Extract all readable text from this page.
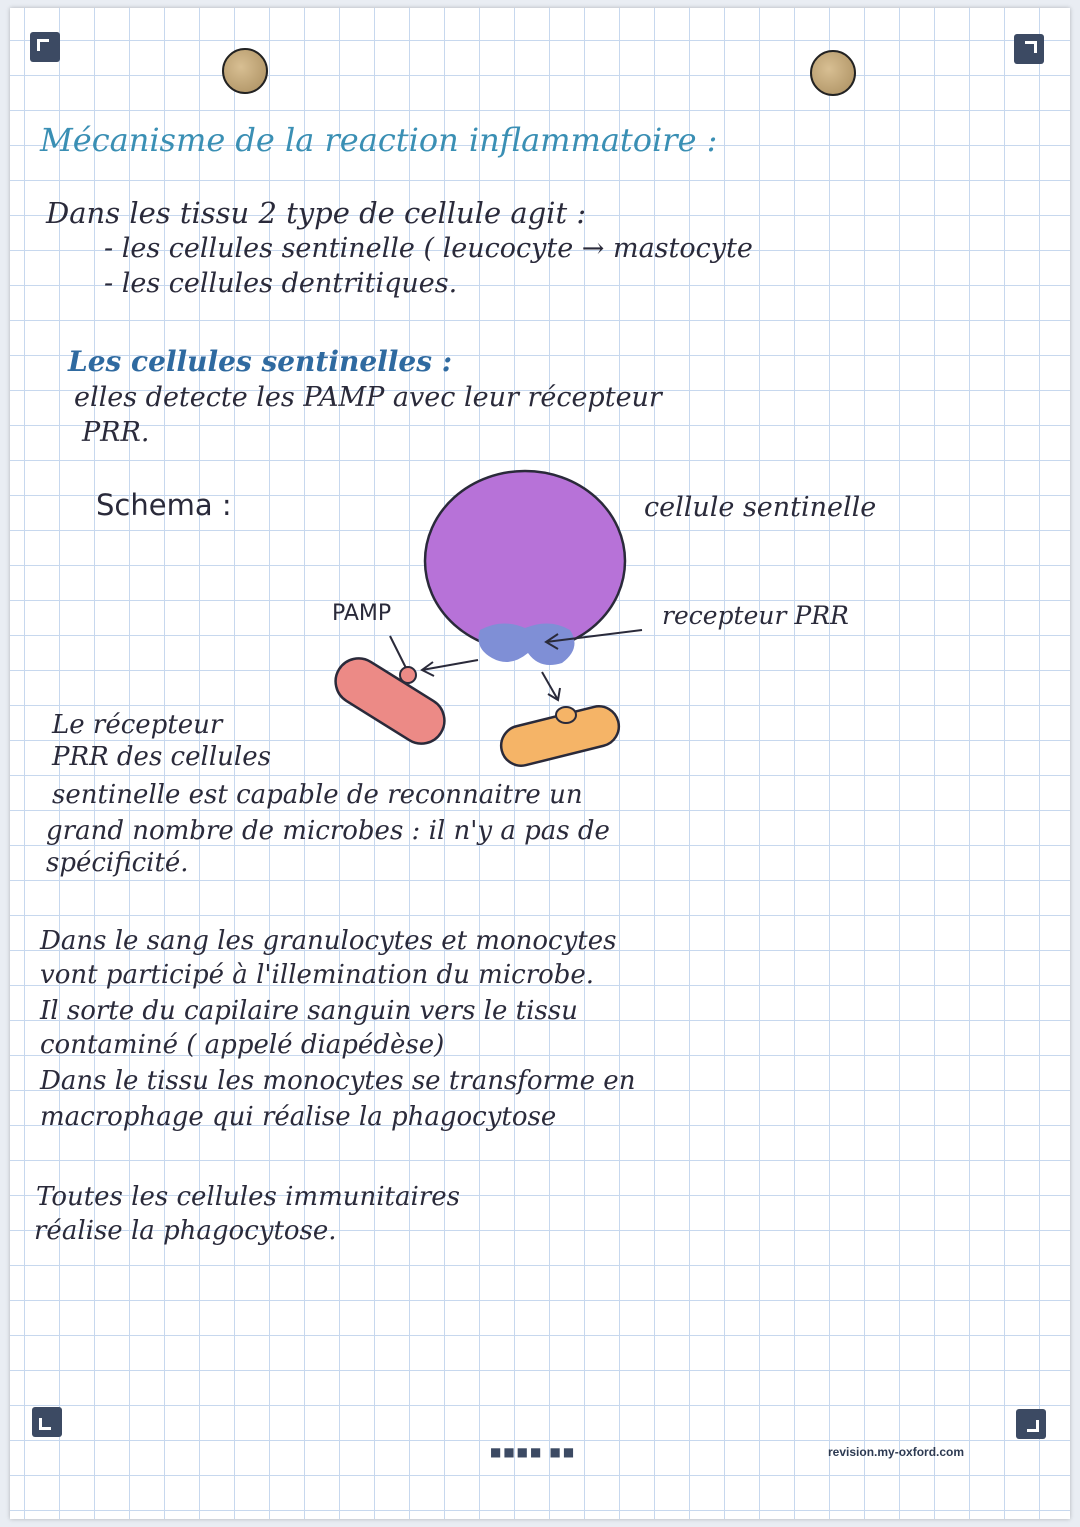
Mécanisme de la reaction inflammatoire :

Dans les tissu 2 type de cellule agit :

- les cellules sentinelle ( leucocyte → mastocyte

- les cellules dentritiques.

Les cellules sentinelles :

elles detecte les PAMP avec leur récepteur

PRR.

Schema :	cellule sentinelle

PAMP	recepteur PRR

Le récepteur

PRR des cellules

sentinelle est capable de reconnaitre un

grand nombre de microbes : il n'y a pas de

spécificité.

Dans le sang les granulocytes et monocytes

vont participé à l'illemination du microbe.

Il sorte du capilaire sanguin vers le tissu

contaminé ( appelé diapédèse)

Dans le tissu les monocytes se transforme en

macrophage qui réalise la phagocytose

Toutes les cellules immunitaires

réalise la phagocytose.

■■■■ ■■	revision.my-oxford.com
